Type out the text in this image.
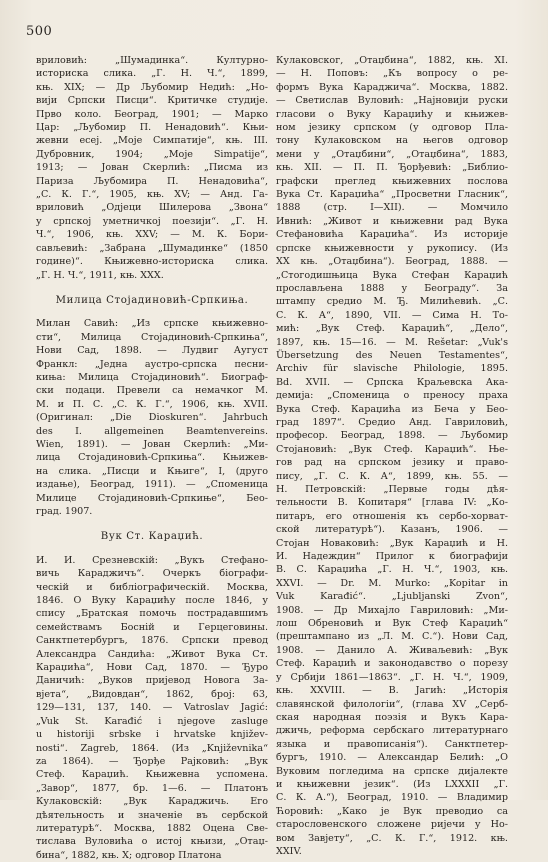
500

вриловић: „Шумадинка“. Културно-

историска слика. „Г. Н. Ч.“, 1899,

књ. XIX; — Др Љубомир Недић: „Но-

вији Српски Писци“. Критичке студије.

Прво коло. Београд, 1901; — Марко

Цар: „Љубомир П. Ненадовић“. Књи-

жевни есеј. „Моје Симпатије“, књ. III.

Дубровник, 1904; „Moje Simpatije“,

1913; — Јован Скерлић: „Писма из

Париза Љубомира П. Ненадовића“,

„С. К. Г.“, 1905, књ. XV; — Анд. Га-

вриловић „Одјеци Шилерова „Звона“

у српској уметничкој поезији“. „Г. Н.

Ч.“, 1906, књ. XXV; — М. К. Бори-

сављевић: „Забрана „Шумадинке“ (1850

године)“. Књижевно-историска слика.

„Г. Н. Ч.“, 1911, књ. XXX.

Милица Стојадиновић-Српкиња.

Милан Савић: „Из српске књижевно-

сти“, Милица Стојадиновић-Српкиња“,

Нови Сад, 1898. — Лудвиг Аугуст

Франкл: „Једна аустро-српска песни-

киња: Милица Стојадиновић“. Биограф-

ски подаци. Превели са немачког М.

М. и П. С. „С. К. Г.“, 1906, књ. XVII.

(Оригинал: „Die Dioskuren“. Jahrbuch

des I. allgemeinen Beamtenvereins.

Wien, 1891). — Јован Скерлић: „Ми-

лица Стојадиновић-Српкиња“. Књижев-

на слика. „Писци и Књиге“, I, (друго

издање), Београд, 1911). — „Споменица

Милице Стојадиновић-Српкиње“, Бео-

град. 1907.

Вук Ст. Караџић.

И. И. Срезневскій: „Вукъ Стефано-

вичь Караджичъ“. Очеркъ біографи-

ческій и библіографическій. Москва,

1846. О Вуку Караџићу после 1846, у

спису „Братская помочь пострадавшимъ

семействамъ Босній и Герцеговины.

Санктпетербургъ, 1876. Српски превод

Александра Сандића: „Живот Вука Ст.

Караџића“, Нови Сад, 1870. — Ђуро

Даничић: „Вуков пријевод Новога За-

вјета“, „Видовдан“, 1862, број: 63,

129—131, 137, 140. — Vatroslav Jagić:

„Vuk St. Karađić i njegove zasluge

u historiji srbske i hrvatske književ-

nosti“. Zagreb, 1864. (Из „Književnika“

za 1864). — Ђорђе Рајковић: „Вук

Стеф. Караџић. Књижевна успомена.

„Завор“, 1877, бр. 1—6. — Платонъ

Кулаковскій: „Вук Караджичь. Его

дѣятельность и значеніе въ сербской

литературѣ“. Москва, 1882 Оцена Све-

тислава Вуловића о истој књизи, „Отаџ-

бина“, 1882, књ. X; одговор Платона

Кулаковског, „Отаџбина“, 1882, књ. XI.

— Н. Поповъ: „Къ вопросу о ре-

формъ Вука Караджича“. Москва, 1882.

— Светислав Вуловић: „Најновији руски

гласови о Вуку Караџићу и књижев-

ном језику српском (у одговор Пла-

тону Кулаковском на његов одговор

мени у „Отаџбини“, „Отаџбина“, 1883,

књ. XII. — П. П. Ђорђевић: „Библио-

графски преглед књижевних послова

Вука Ст. Караџића“ „Просветни Гласник“,

1888 (стр. I—XII). — Момчило

Ивнић: „Живот и књижевни рад Вука

Стефановића Караџића“. Из историје

српске књижевности у рукопису. (Из

XX књ. „Отаџбина“). Београд, 1888. —

„Стогодишњица Вука Стефан Караџић

прослављена 1888 у Београду“. За

штампу средио М. Ђ. Милићевић. „С.

С. К. А“, 1890, VII. — Сима Н. То-

мић: „Вук Стеф. Караџић“, „Дело“,

1897, књ. 15—16. — M. Rešetar: „Vuk's

Übersetzung des Neuen Testamentes“,

Archiv für slavische Philologie, 1895.

Bd. XVII. — Српска Краљевска Ака-

демија: „Споменица о преносу праха

Вука Стеф. Караџића из Беча у Бео-

град 1897“. Средио Анд. Гавриловић,

професор. Београд, 1898. — Љубомир

Стојановић: „Вук Стеф. Караџић“. Ње-

гов рад на српском језику и право-

пису, „Г. С. К. А“, 1899, књ. 55. —

Н. Петровскій: „Первые годы дѣя-

тельности В. Копитаря“ [глава IV: „Ко-

питаръ, его отношенія къ сербо-хорват-

ской литературѣ“). Казанъ, 1906. —

Стојан Новаковић: „Вук Караџић и Н.

И. Надеждин“ Прилог к биографији

В. С. Караџића „Г. Н. Ч.“, 1903, књ.

XXVI. — Dr. M. Murko: „Kopitar in

Vuk Karađić“. „Ljubljanski Zvon“,

1908. — Др Михајло Гавриловић: „Ми-

лош Обреновић и Вук Стеф Караџић“

(прештампано из „Л. М. С.“). Нови Сад,

1908. — Данило А. Живаљевић: „Вук

Стеф. Караџић и законодавство о порезу

у Србији 1861—1863“. „Г. Н. Ч.“, 1909,

књ. XXVIII. — В. Јагић: „Исторія

славянской филологіи“, (глава XV „Серб-

ская народная поэзія и Вукъ Кара-

джичь, реформа сербскаго литературнаго

языка и правописанія“). Санктпетер-

бургъ, 1910. — Александар Белић: „О

Вуковим погледима на српске дијалекте

и књижевни језик“. (Из LXXXII „Г.

С. К. А.“), Београд, 1910. — Владимир

Ћоровић: „Како је Вук преводио са

старословенского сложене ријечи у Но-

вом Завјету“, „С. К. Г.“, 1912. књ.

XXIV.
